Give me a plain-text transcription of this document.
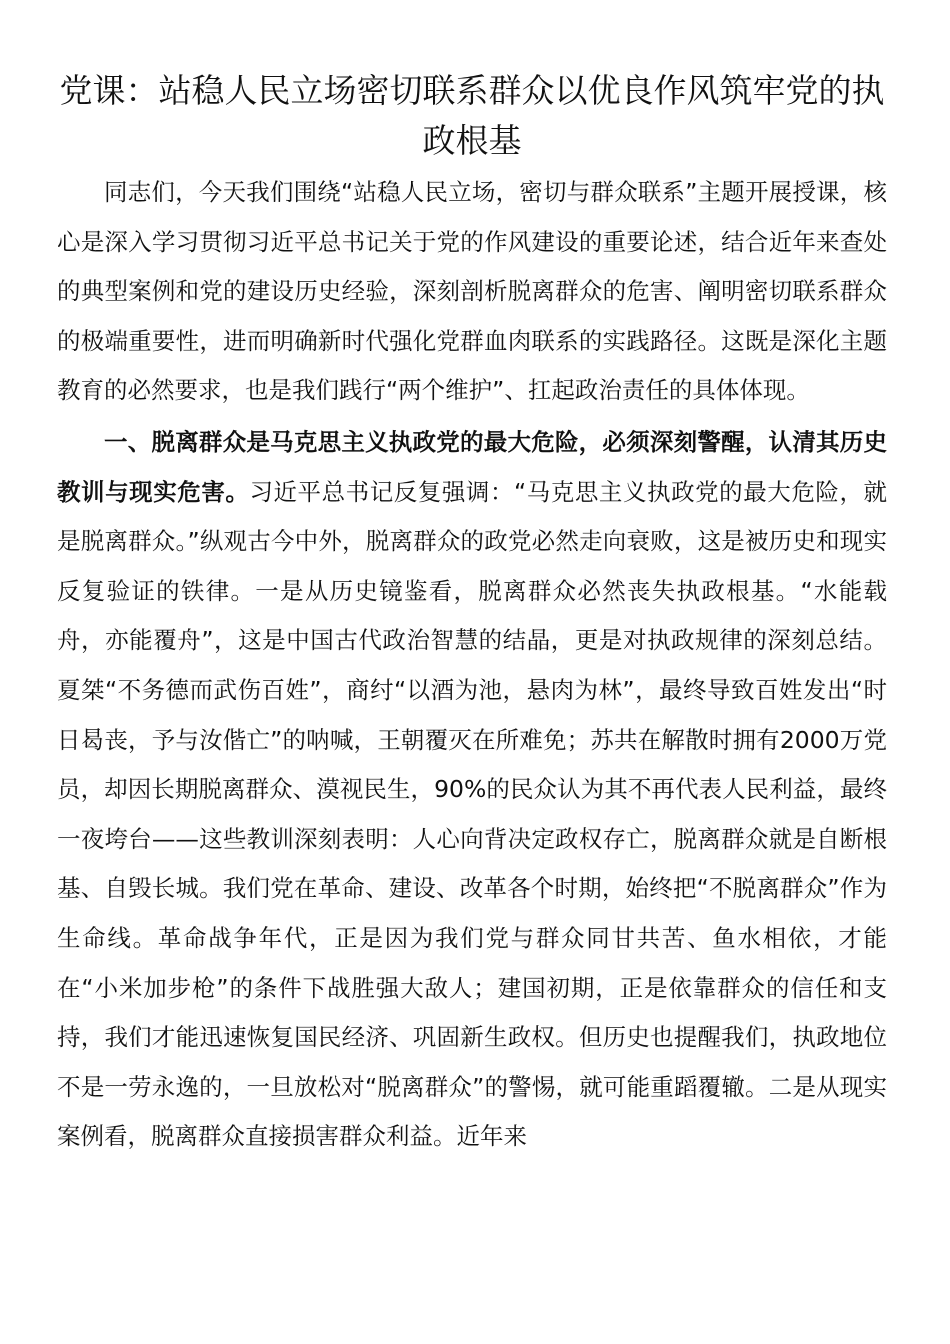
党课：站稳人民立场密切联系群众以优良作风筑牢党的执政根基

同志们，今天我们围绕“站稳人民立场，密切与群众联系”主题开展授课，核心是深入学习贯彻习近平总书记关于党的作风建设的重要论述，结合近年来查处的典型案例和党的建设历史经验，深刻剖析脱离群众的危害、阐明密切联系群众的极端重要性，进而明确新时代强化党群血肉联系的实践路径。这既是深化主题教育的必然要求，也是我们践行“两个维护”、扛起政治责任的具体体现。

一、脱离群众是马克思主义执政党的最大危险，必须深刻警醒，认清其历史教训与现实危害。习近平总书记反复强调：“马克思主义执政党的最大危险，就是脱离群众。”纵观古今中外，脱离群众的政党必然走向衰败，这是被历史和现实反复验证的铁律。一是从历史镜鉴看，脱离群众必然丧失执政根基。“水能载舟，亦能覆舟”，这是中国古代政治智慧的结晶，更是对执政规律的深刻总结。夏桀“不务德而武伤百姓”，商纣“以酒为池，悬肉为林”，最终导致百姓发出“时日曷丧，予与汝偕亡”的呐喊，王朝覆灭在所难免；苏共在解散时拥有2000万党员，却因长期脱离群众、漠视民生，90%的民众认为其不再代表人民利益，最终一夜垮台——这些教训深刻表明：人心向背决定政权存亡，脱离群众就是自断根基、自毁长城。我们党在革命、建设、改革各个时期，始终把“不脱离群众”作为生命线。革命战争年代，正是因为我们党与群众同甘共苦、鱼水相依，才能在“小米加步枪”的条件下战胜强大敌人；建国初期，正是依靠群众的信任和支持，我们才能迅速恢复国民经济、巩固新生政权。但历史也提醒我们，执政地位不是一劳永逸的，一旦放松对“脱离群众”的警惕，就可能重蹈覆辙。二是从现实案例看，脱离群众直接损害群众利益。近年来
